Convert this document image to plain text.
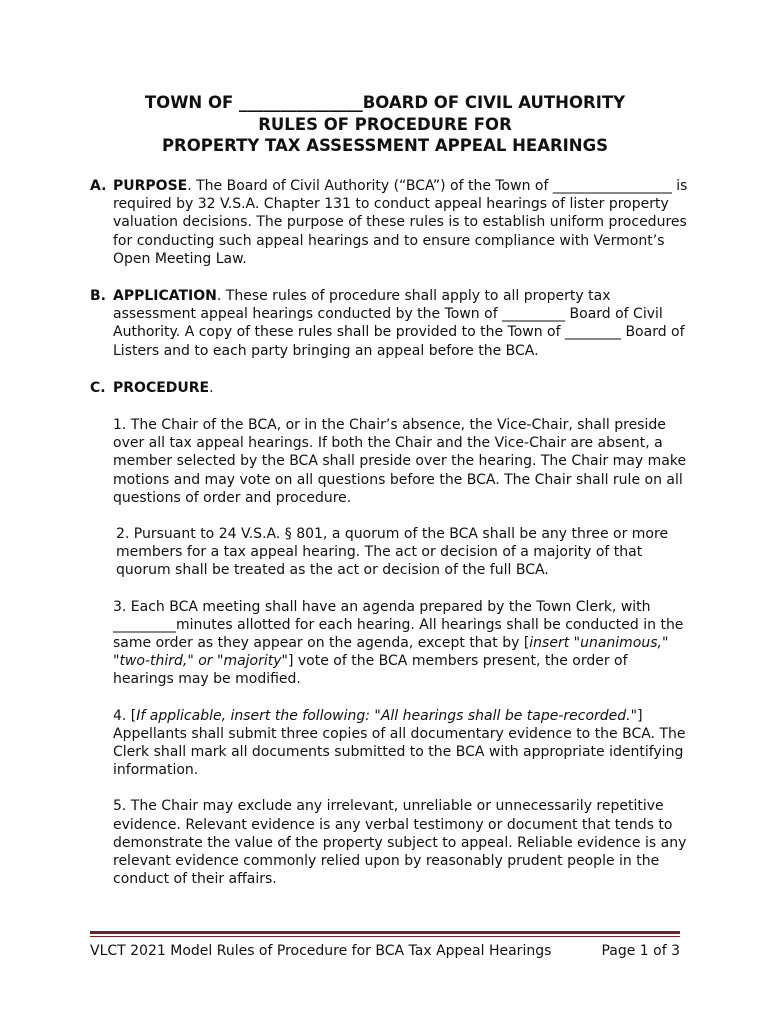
TOWN OF _______________BOARD OF CIVIL AUTHORITY
RULES OF PROCEDURE FOR
PROPERTY TAX ASSESSMENT APPEAL HEARINGS
A. PURPOSE. The Board of Civil Authority (“BCA”) of the Town of _________________ is required by 32 V.S.A. Chapter 131 to conduct appeal hearings of lister property valuation decisions. The purpose of these rules is to establish uniform procedures for conducting such appeal hearings and to ensure compliance with Vermont’s Open Meeting Law.
B. APPLICATION. These rules of procedure shall apply to all property tax assessment appeal hearings conducted by the Town of _________ Board of Civil Authority. A copy of these rules shall be provided to the Town of ________ Board of Listers and to each party bringing an appeal before the BCA.
C. PROCEDURE.
1. The Chair of the BCA, or in the Chair’s absence, the Vice-Chair, shall preside over all tax appeal hearings. If both the Chair and the Vice-Chair are absent, a member selected by the BCA shall preside over the hearing. The Chair may make motions and may vote on all questions before the BCA. The Chair shall rule on all questions of order and procedure.
2. Pursuant to 24 V.S.A. § 801, a quorum of the BCA shall be any three or more members for a tax appeal hearing. The act or decision of a majority of that quorum shall be treated as the act or decision of the full BCA.
3. Each BCA meeting shall have an agenda prepared by the Town Clerk, with _________minutes allotted for each hearing. All hearings shall be conducted in the same order as they appear on the agenda, except that by [insert "unanimous," "two-third," or "majority"] vote of the BCA members present, the order of hearings may be modified.
4. [If applicable, insert the following: "All hearings shall be tape-recorded."] Appellants shall submit three copies of all documentary evidence to the BCA. The Clerk shall mark all documents submitted to the BCA with appropriate identifying information.
5. The Chair may exclude any irrelevant, unreliable or unnecessarily repetitive evidence. Relevant evidence is any verbal testimony or document that tends to demonstrate the value of the property subject to appeal. Reliable evidence is any relevant evidence commonly relied upon by reasonably prudent people in the conduct of their affairs.
VLCT 2021 Model Rules of Procedure for BCA Tax Appeal Hearings	Page 1 of 3
